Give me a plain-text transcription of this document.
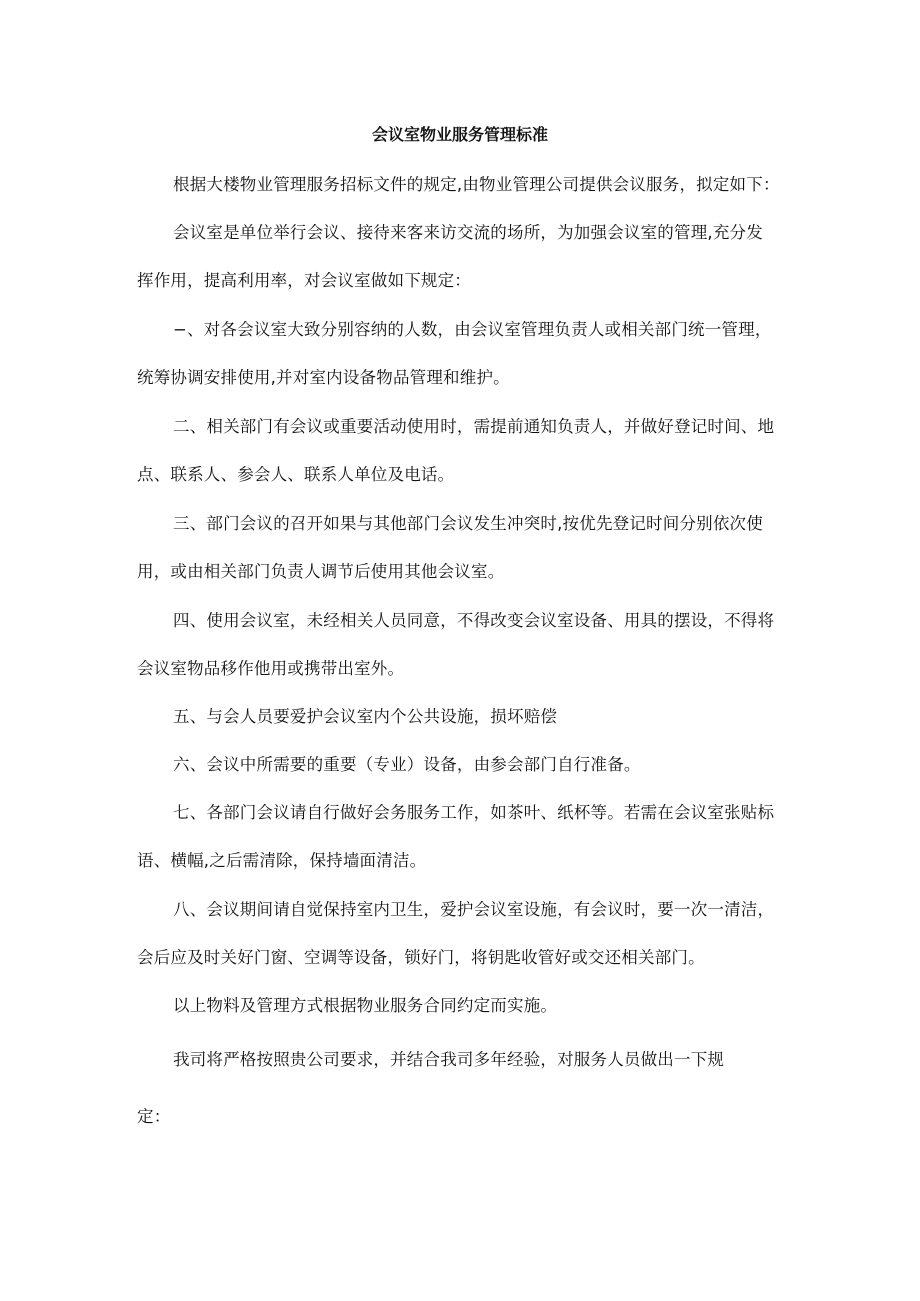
会议室物业服务管理标准
根据大楼物业管理服务招标文件的规定,由物业管理公司提供会议服务，拟定如下：
会议室是单位举行会议、接待来客来访交流的场所，为加强会议室的管理,充分发
挥作用，提高利用率，对会议室做如下规定：
−、对各会议室大致分别容纳的人数，由会议室管理负责人或相关部门统一管理，
统筹协调安排使用,并对室内设备物品管理和维护。
二、相关部门有会议或重要活动使用时，需提前通知负责人，并做好登记时间、地
点、联系人、参会人、联系人单位及电话。
三、部门会议的召开如果与其他部门会议发生冲突时,按优先登记时间分别依次使
用，或由相关部门负责人调节后使用其他会议室。
四、使用会议室，未经相关人员同意，不得改变会议室设备、用具的摆设，不得将
会议室物品移作他用或携带出室外。
五、与会人员要爱护会议室内个公共设施，损坏赔偿
六、会议中所需要的重要（专业）设备，由参会部门自行准备。
七、各部门会议请自行做好会务服务工作，如茶叶、纸杯等。若需在会议室张贴标
语、横幅,之后需清除，保持墙面清洁。
八、会议期间请自觉保持室内卫生，爱护会议室设施，有会议时，要一次一清洁，
会后应及时关好门窗、空调等设备，锁好门，将钥匙收管好或交还相关部门。
以上物料及管理方式根据物业服务合同约定而实施。
我司将严格按照贵公司要求，并结合我司多年经验，对服务人员做出一下规
定：
